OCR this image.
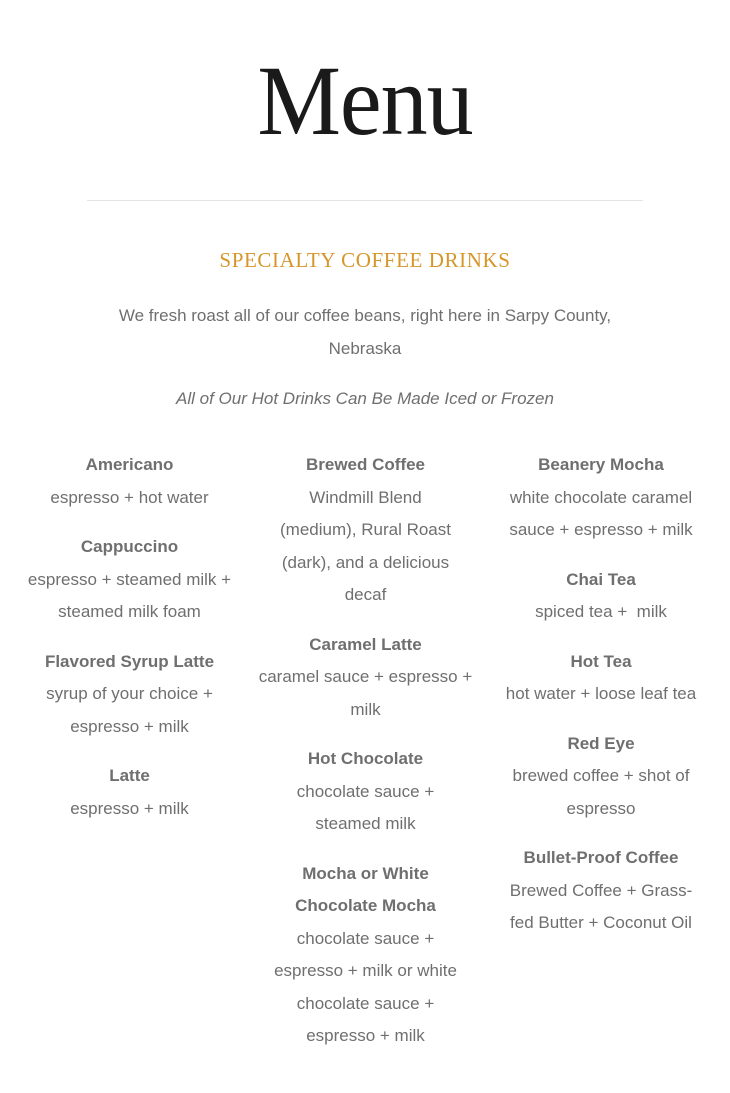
Menu
SPECIALTY COFFEE DRINKS

We fresh roast all of our coffee beans, right here in Sarpy County, Nebraska

All of Our Hot Drinks Can Be Made Iced or Frozen

Americano
espresso + hot water
Cappuccino
espresso + steamed milk + steamed milk foam
Flavored Syrup Latte
syrup of your choice + espresso + milk
Latte
espresso + milk
Brewed Coffee
Windmill Blend (medium), Rural Roast (dark), and a delicious decaf
Caramel Latte
caramel sauce + espresso + milk
Hot Chocolate
chocolate sauce + steamed milk
Mocha or White Chocolate Mocha
chocolate sauce + espresso + milk or white chocolate sauce + espresso + milk
Beanery Mocha
white chocolate caramel sauce + espresso + milk
Chai Tea
spiced tea +  milk
Hot Tea
hot water + loose leaf tea
Red Eye
brewed coffee + shot of espresso
Bullet-Proof Coffee
Brewed Coffee + Grass-fed Butter + Coconut Oil
